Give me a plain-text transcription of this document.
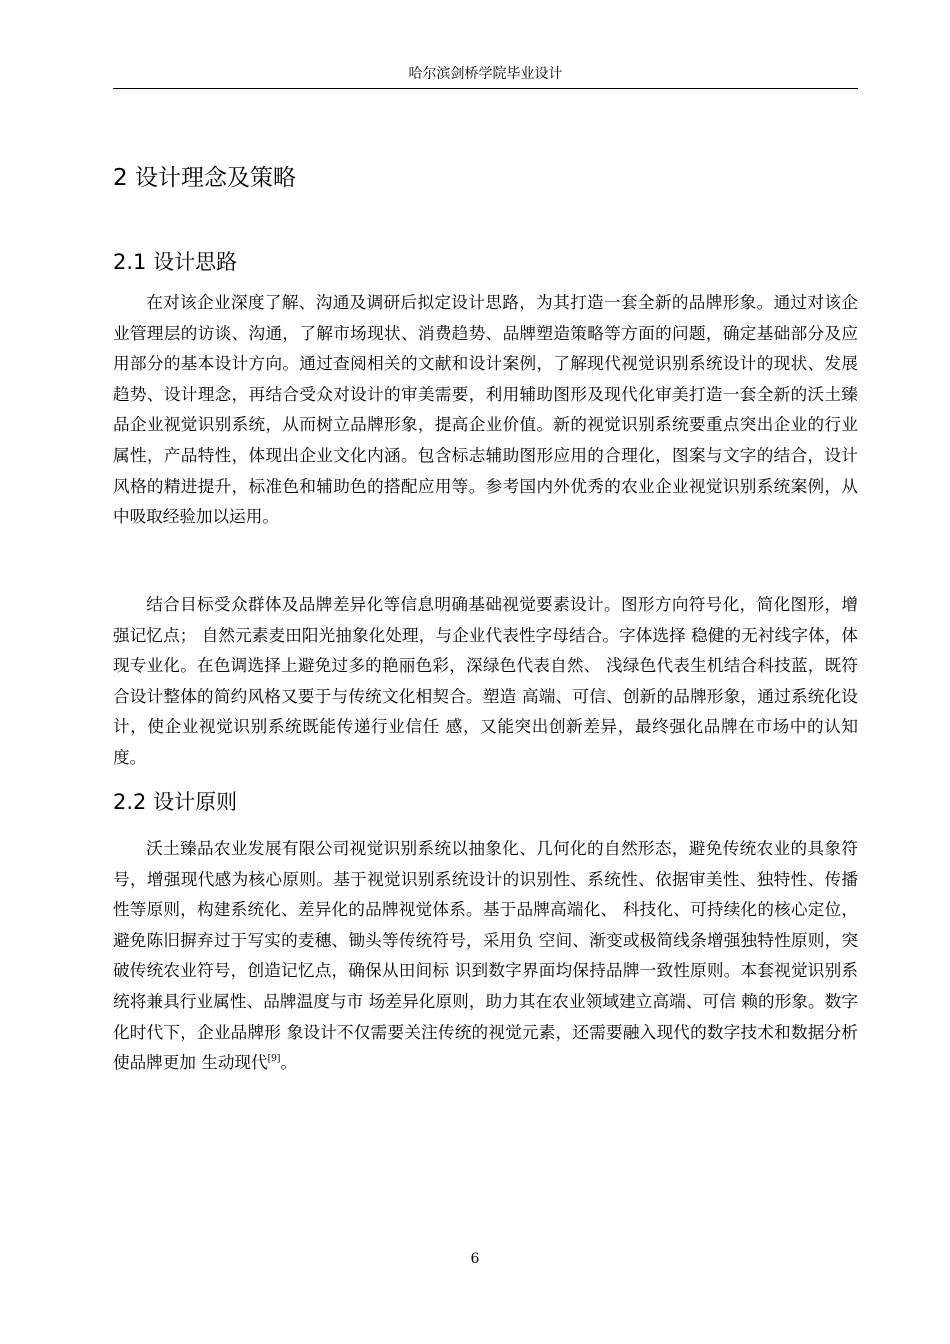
哈尔滨剑桥学院毕业设计
2 设计理念及策略
2.1 设计思路

在对该企业深度了解、沟通及调研后拟定设计思路，为其打造一套全新的品牌形象。通过对该企业管理层的访谈、沟通，了解市场现状、消费趋势、品牌塑造策略等方面的问题，确定基础部分及应用部分的基本设计方向。通过查阅相关的文献和设计案例，了解现代视觉识别系统设计的现状、发展趋势、设计理念，再结合受众对设计的审美需要，利用辅助图形及现代化审美打造一套全新的沃土臻品企业视觉识别系统，从而树立品牌形象，提高企业价值。新的视觉识别系统要重点突出企业的行业属性，产品特性，体现出企业文化内涵。包含标志辅助图形应用的合理化，图案与文字的结合，设计风格的精进提升，标准色和辅助色的搭配应用等。参考国内外优秀的农业企业视觉识别系统案例，从中吸取经验加以运用。

结合目标受众群体及品牌差异化等信息明确基础视觉要素设计。图形方向符号化，简化图形，增强记忆点； 自然元素麦田阳光抽象化处理，与企业代表性字母结合。字体选择 稳健的无衬线字体，体现专业化。在色调选择上避免过多的艳丽色彩，深绿色代表自然、 浅绿色代表生机结合科技蓝，既符合设计整体的简约风格又要于与传统文化相契合。塑造 高端、可信、创新的品牌形象，通过系统化设计，使企业视觉识别系统既能传递行业信任 感，又能突出创新差异，最终强化品牌在市场中的认知度。

2.2 设计原则

沃土臻品农业发展有限公司视觉识别系统以抽象化、几何化的自然形态，避免传统农业的具象符号，增强现代感为核心原则。基于视觉识别系统设计的识别性、系统性、依据审美性、独特性、传播性等原则，构建系统化、差异化的品牌视觉体系。基于品牌高端化、 科技化、可持续化的核心定位，避免陈旧摒弃过于写实的麦穗、锄头等传统符号，采用负 空间、渐变或极简线条增强独特性原则，突破传统农业符号，创造记忆点，确保从田间标 识到数字界面均保持品牌一致性原则。本套视觉识别系统将兼具行业属性、品牌温度与市 场差异化原则，助力其在农业领域建立高端、可信 赖的形象。数字化时代下，企业品牌形 象设计不仅需要关注传统的视觉元素，还需要融入现代的数字技术和数据分析使品牌更加 生动现代[9]。

6
